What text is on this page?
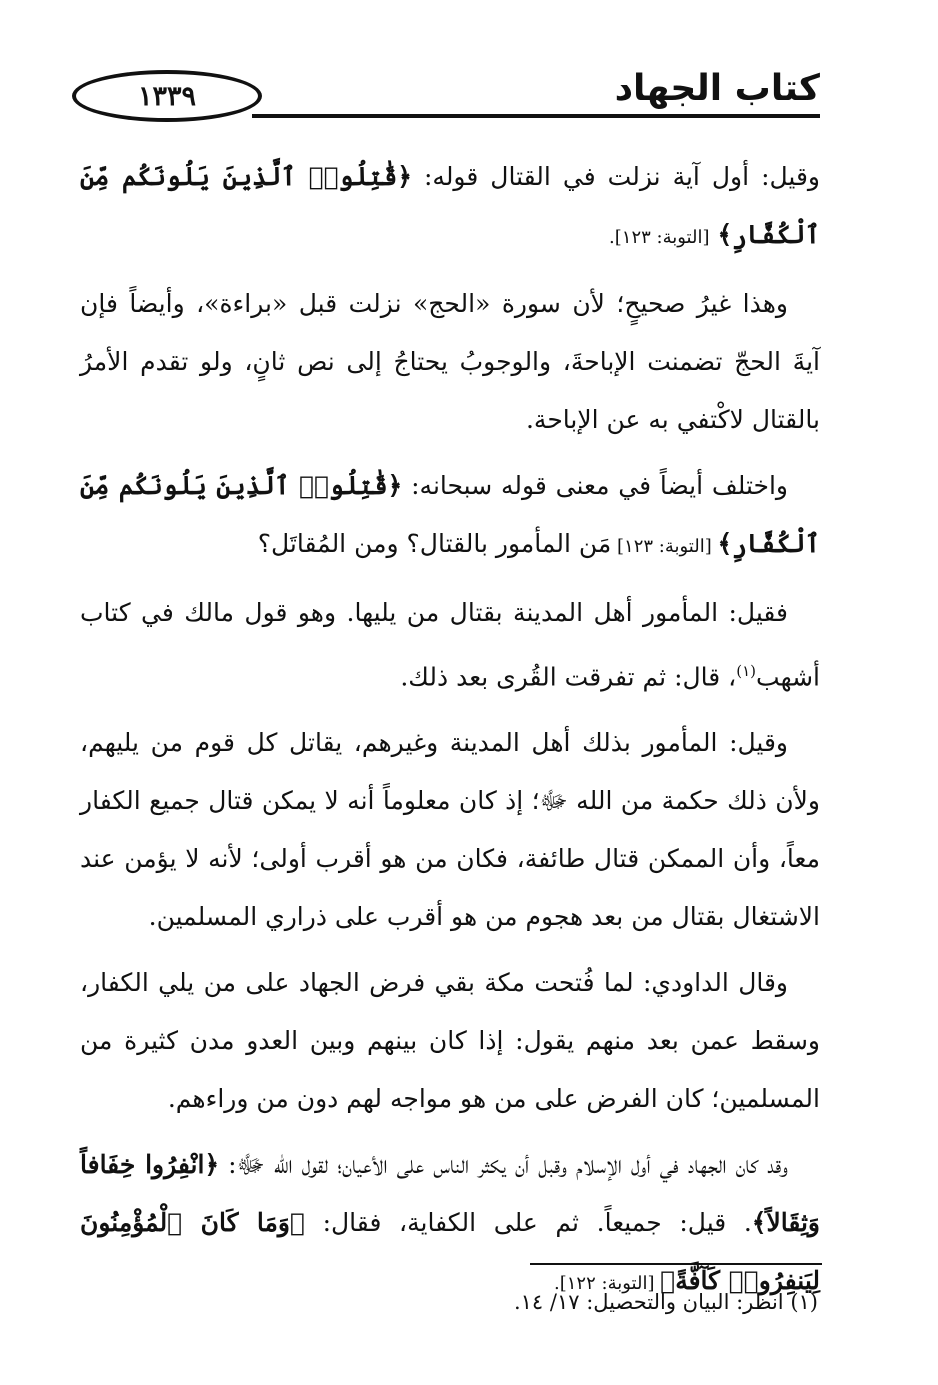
١٣٣٩	كتاب الجهاد

وقيل: أول آية نزلت في القتال قوله: ﴿قَٰتِلُوا۟ ٱلَّذِينَ يَلُونَكُم مِّنَ ٱلْكُفَّارِ﴾ [التوبة: ١٢٣].

وهذا غيرُ صحيحٍ؛ لأن سورة «الحج» نزلت قبل «براءة»، وأيضاً فإن آيةَ الحجّ تضمنت الإباحةَ، والوجوبُ يحتاجُ إلى نص ثانٍ، ولو تقدم الأمرُ بالقتال لاكْتفي به عن الإباحة.

واختلف أيضاً في معنى قوله سبحانه: ﴿قَٰتِلُوا۟ ٱلَّذِينَ يَلُونَكُم مِّنَ ٱلْكُفَّارِ﴾ [التوبة: ١٢٣] مَن المأمور بالقتال؟ ومن المُقاتَل؟

فقيل: المأمور أهل المدينة بقتال من يليها. وهو قول مالك في كتاب أشهب$^{(١)}$، قال: ثم تفرقت القُرى بعد ذلك.

وقيل: المأمور بذلك أهل المدينة وغيرهم، يقاتل كل قوم من يليهم، ولأن ذلك حكمة من الله ﷻ؛ إذ كان معلوماً أنه لا يمكن قتال جميع الكفار معاً، وأن الممكن قتال طائفة، فكان من هو أقرب أولى؛ لأنه لا يؤمن عند الاشتغال بقتال من بعد هجوم من هو أقرب على ذراري المسلمين.

وقال الداودي: لما فُتحت مكة بقي فرض الجهاد على من يلي الكفار، وسقط عمن بعد منهم يقول: إذا كان بينهم وبين العدو مدن كثيرة من المسلمين؛ كان الفرض على من هو مواجه لهم دون من وراءهم.

وقد كان الجهاد في أول الإسلام وقبل أن يكثر الناس على الأعيان؛ لقول الله ﷻ: ﴿انْفِرُوا خِفَافاً وَثِقَالاً﴾. قيل: جميعاً. ثم على الكفاية، فقال: ﴿وَمَا كَانَ ٱلْمُؤْمِنُونَ لِيَنفِرُوا۟ كَآفَّةً﴾ [التوبة: ١٢٢].

(١) انظر: البيان والتحصيل: ١٧/ ١٤.
